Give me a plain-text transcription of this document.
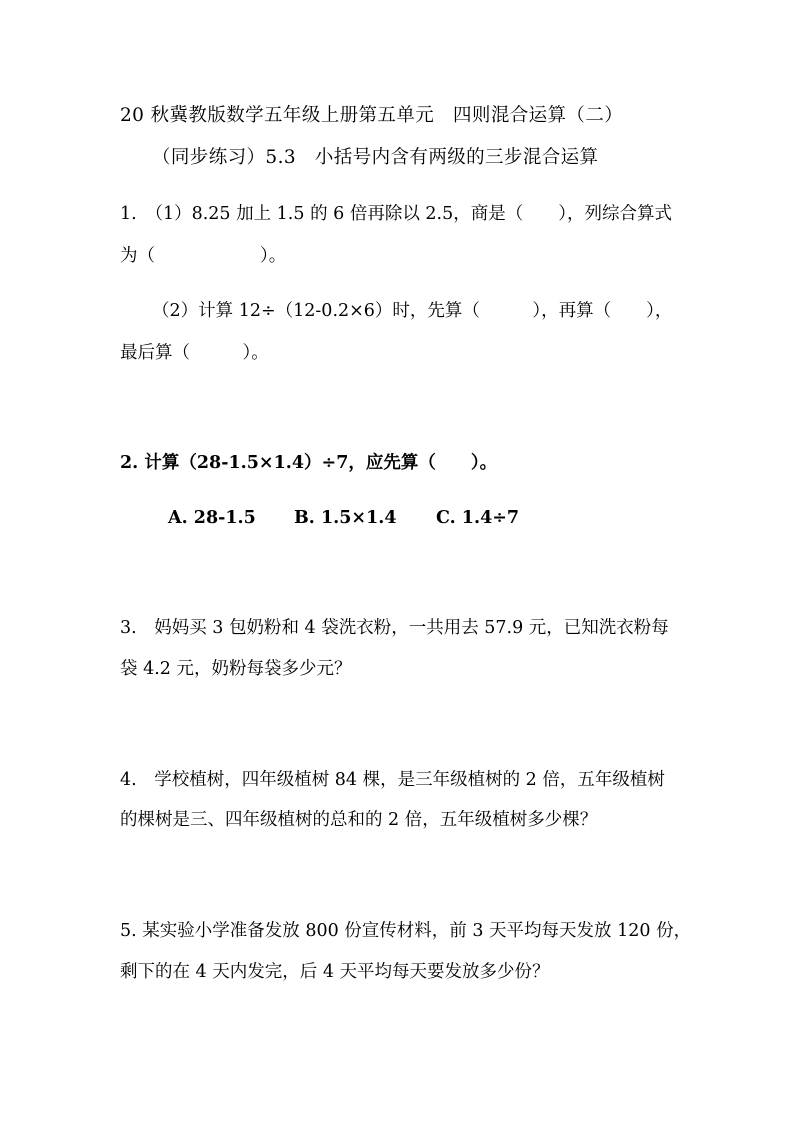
20 秋冀教版数学五年级上册第五单元　四则混合运算（二）
（同步练习）5.3　小括号内含有两级的三步混合运算
1.　（1）8.25 加上 1.5 的 6 倍再除以 2.5，商是（　　），列综合算式
为（　　　　　　）。
（2）计算 12÷（12-0.2×6）时，先算（　　　），再算（　　），
最后算（　　　）。
2. 计算（28-1.5×1.4）÷7，应先算（　　）。
A. 28-1.5 B. 1.5×1.4 C. 1.4÷7
3.　妈妈买 3 包奶粉和 4 袋洗衣粉，一共用去 57.9 元，已知洗衣粉每
袋 4.2 元，奶粉每袋多少元？
4.　学校植树，四年级植树 84 棵，是三年级植树的 2 倍，五年级植树
的棵树是三、四年级植树的总和的 2 倍，五年级植树多少棵？
5. 某实验小学准备发放 800 份宣传材料，前 3 天平均每天发放 120 份，
剩下的在 4 天内发完，后 4 天平均每天要发放多少份？
